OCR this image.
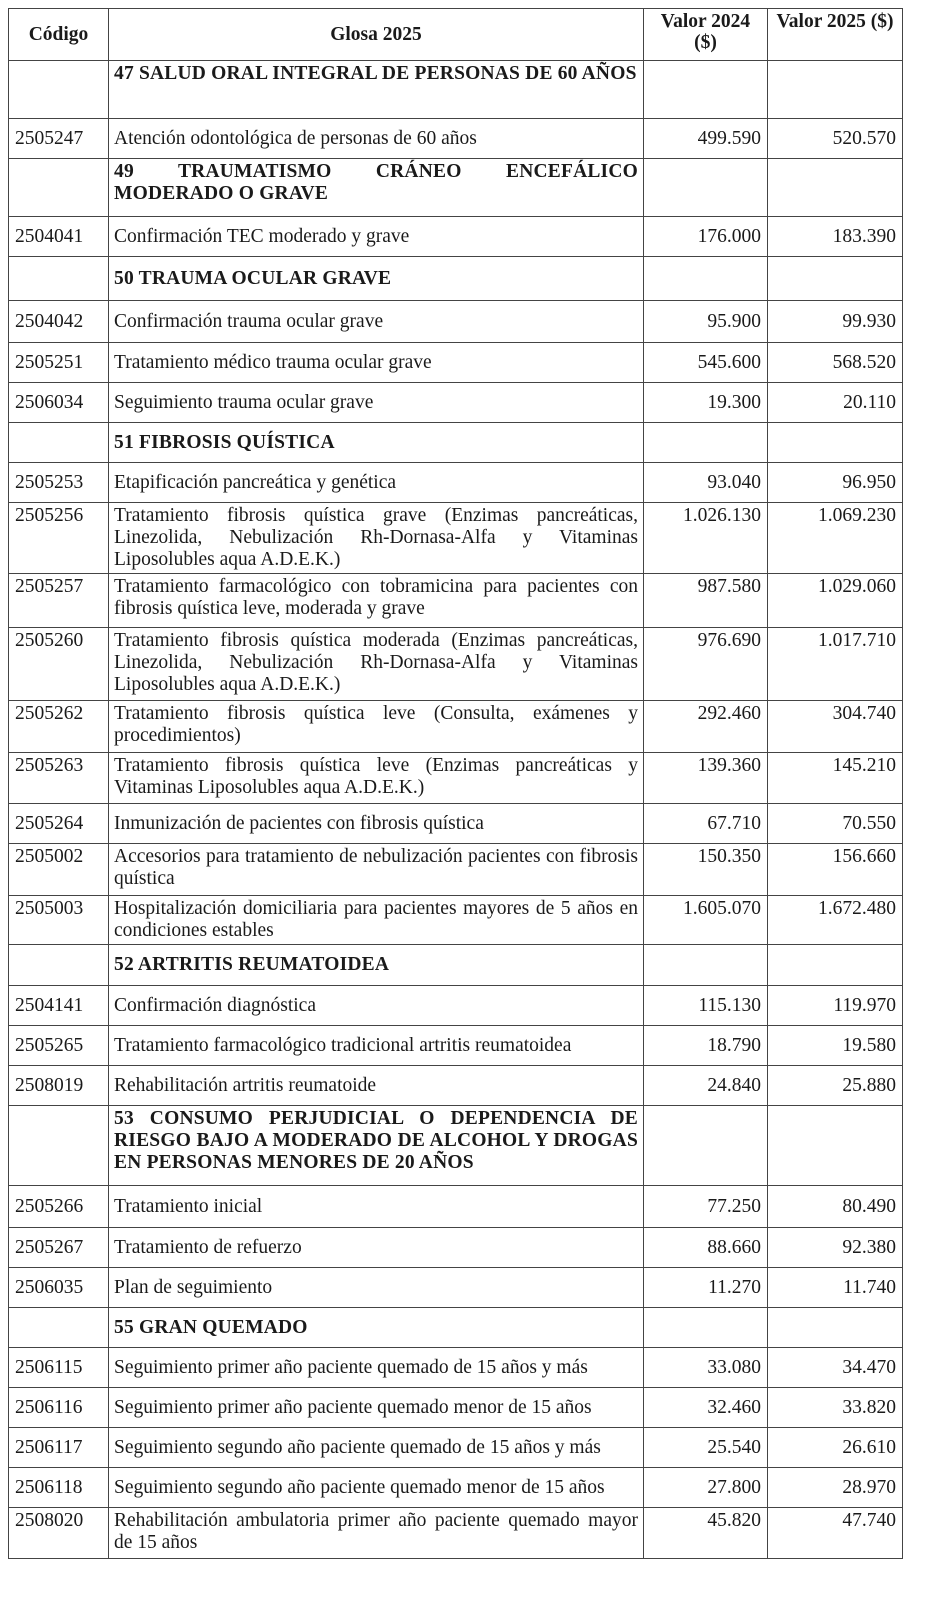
Código	Glosa 2025	Valor 2024 ($)	Valor 2025 ($)
	47 SALUD ORAL INTEGRAL DE PERSONAS DE 60 AÑOS		
2505247	Atención odontológica de personas de 60 años	499.590	520.570
	49 TRAUMATISMO CRÁNEO ENCEFÁLICO MODERADO O GRAVE		
2504041	Confirmación TEC moderado y grave	176.000	183.390
	50 TRAUMA OCULAR GRAVE		
2504042	Confirmación trauma ocular grave	95.900	99.930
2505251	Tratamiento médico trauma ocular grave	545.600	568.520
2506034	Seguimiento trauma ocular grave	19.300	20.110
	51 FIBROSIS QUÍSTICA		
2505253	Etapificación pancreática y genética	93.040	96.950
2505256	Tratamiento fibrosis quística grave (Enzimas pancreáticas, Linezolida, Nebulización Rh-Dornasa-Alfa y Vitaminas Liposolubles aqua A.D.E.K.)	1.026.130	1.069.230
2505257	Tratamiento farmacológico con tobramicina para pacientes con fibrosis quística leve, moderada y grave	987.580	1.029.060
2505260	Tratamiento fibrosis quística moderada (Enzimas pancreáticas, Linezolida, Nebulización Rh-Dornasa-Alfa y Vitaminas Liposolubles aqua A.D.E.K.)	976.690	1.017.710
2505262	Tratamiento fibrosis quística leve (Consulta, exámenes y procedimientos)	292.460	304.740
2505263	Tratamiento fibrosis quística leve (Enzimas pancreáticas y Vitaminas Liposolubles aqua A.D.E.K.)	139.360	145.210
2505264	Inmunización de pacientes con fibrosis quística	67.710	70.550
2505002	Accesorios para tratamiento de nebulización pacientes con fibrosis quística	150.350	156.660
2505003	Hospitalización domiciliaria para pacientes mayores de 5 años en condiciones estables	1.605.070	1.672.480
	52 ARTRITIS REUMATOIDEA		
2504141	Confirmación diagnóstica	115.130	119.970
2505265	Tratamiento farmacológico tradicional artritis reumatoidea	18.790	19.580
2508019	Rehabilitación artritis reumatoide	24.840	25.880
	53 CONSUMO PERJUDICIAL O DEPENDENCIA DE RIESGO BAJO A MODERADO DE ALCOHOL Y DROGAS EN PERSONAS MENORES DE 20 AÑOS		
2505266	Tratamiento inicial	77.250	80.490
2505267	Tratamiento de refuerzo	88.660	92.380
2506035	Plan de seguimiento	11.270	11.740
	55 GRAN QUEMADO		
2506115	Seguimiento primer año paciente quemado de 15 años y más	33.080	34.470
2506116	Seguimiento primer año paciente quemado menor de 15 años	32.460	33.820
2506117	Seguimiento segundo año paciente quemado de 15 años y más	25.540	26.610
2506118	Seguimiento segundo año paciente quemado menor de 15 años	27.800	28.970
2508020	Rehabilitación ambulatoria primer año paciente quemado mayor de 15 años	45.820	47.740
